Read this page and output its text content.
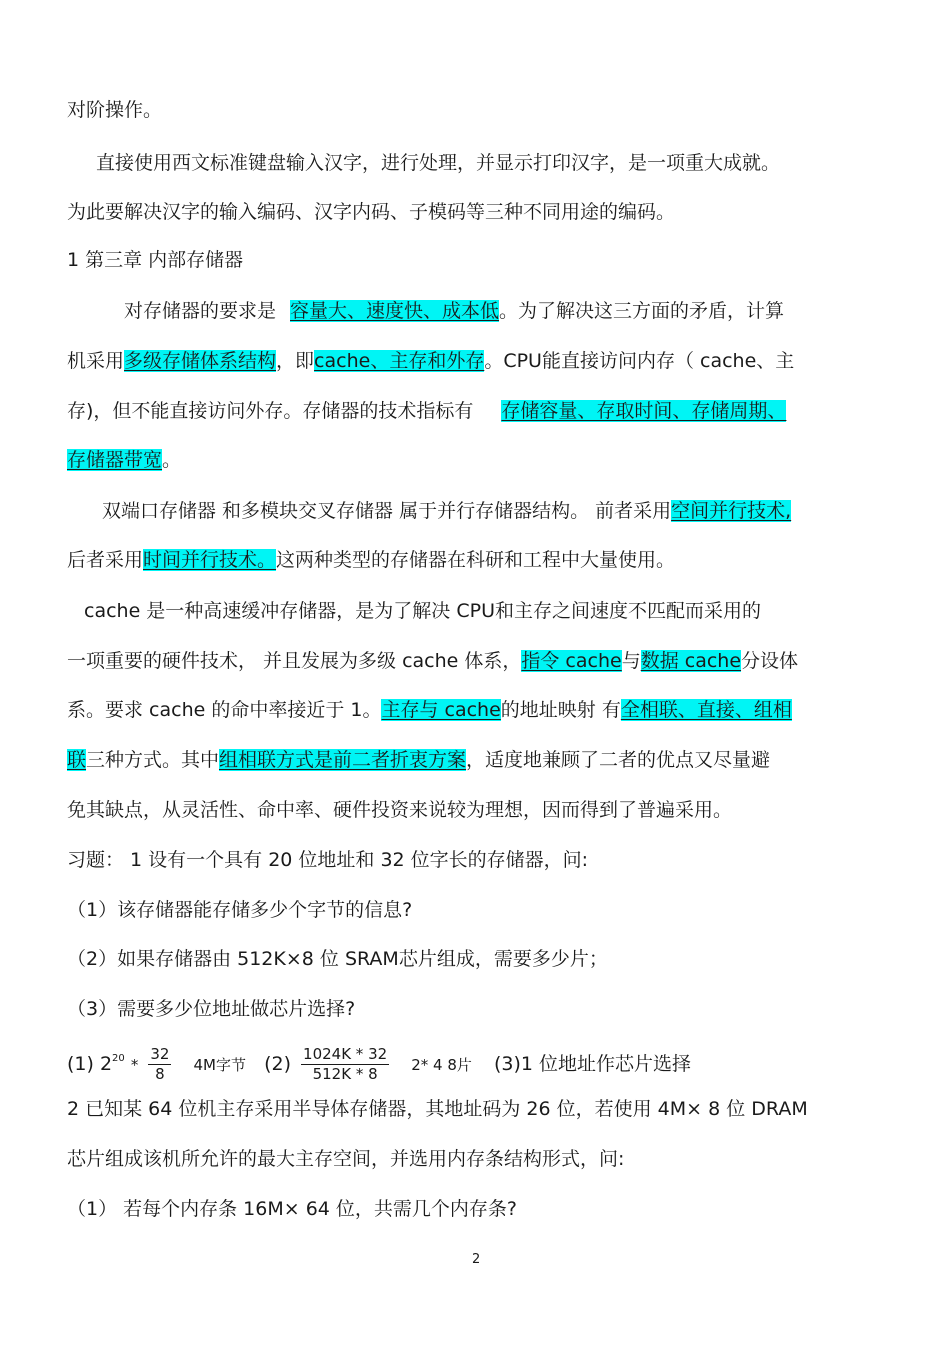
对阶操作。
直接使用西文标准键盘输入汉字，进行处理，并显示打印汉字，是一项重大成就。
为此要解决汉字的输入编码、汉字内码、子模码等三种不同用途的编码。
1 第三章 内部存储器
对存储器的要求是 容量大、速度快、成本低。为了解决这三方面的矛盾，计算
机采用多级存储体系结构，即cache、主存和外存。CPU能直接访问内存（ cache、主
存)，但不能直接访问外存。存储器的技术指标有 存储容量、存取时间、存储周期、
存储器带宽。
双端口存储器 和多模块交叉存储器 属于并行存储器结构。 前者采用空间并行技术,
后者采用时间并行技术。这两种类型的存储器在科研和工程中大量使用。
cache 是一种高速缓冲存储器，是为了解决 CPU和主存之间速度不匹配而采用的
一项重要的硬件技术， 并且发展为多级 cache 体系，指令 cache与数据 cache分设体
系。要求 cache 的命中率接近于 1。主存与 cache的地址映射 有全相联、直接、组相
联三种方式。其中组相联方式是前二者折衷方案，适度地兼顾了二者的优点又尽量避
免其缺点，从灵活性、命中率、硬件投资来说较为理想，因而得到了普遍采用。
习题： 1 设有一个具有 20 位地址和 32 位字长的存储器，问:
（1）该存储器能存储多少个字节的信息?
（2）如果存储器由 512K×8 位 SRAM芯片组成，需要多少片；
（3）需要多少位地址做芯片选择?
(1) $2^{20} * \frac{32}{8} 4M$字节 $(2) \frac{1024K * 32}{512K * 8} 2*$ 4 8片 (3)1 位地址作芯片选择
2 已知某 64 位机主存采用半导体存储器，其地址码为 26 位，若使用 4M× 8 位 DRAM
芯片组成该机所允许的最大主存空间，并选用内存条结构形式，问:
（1） 若每个内存条 16M× 64 位，共需几个内存条?
2
